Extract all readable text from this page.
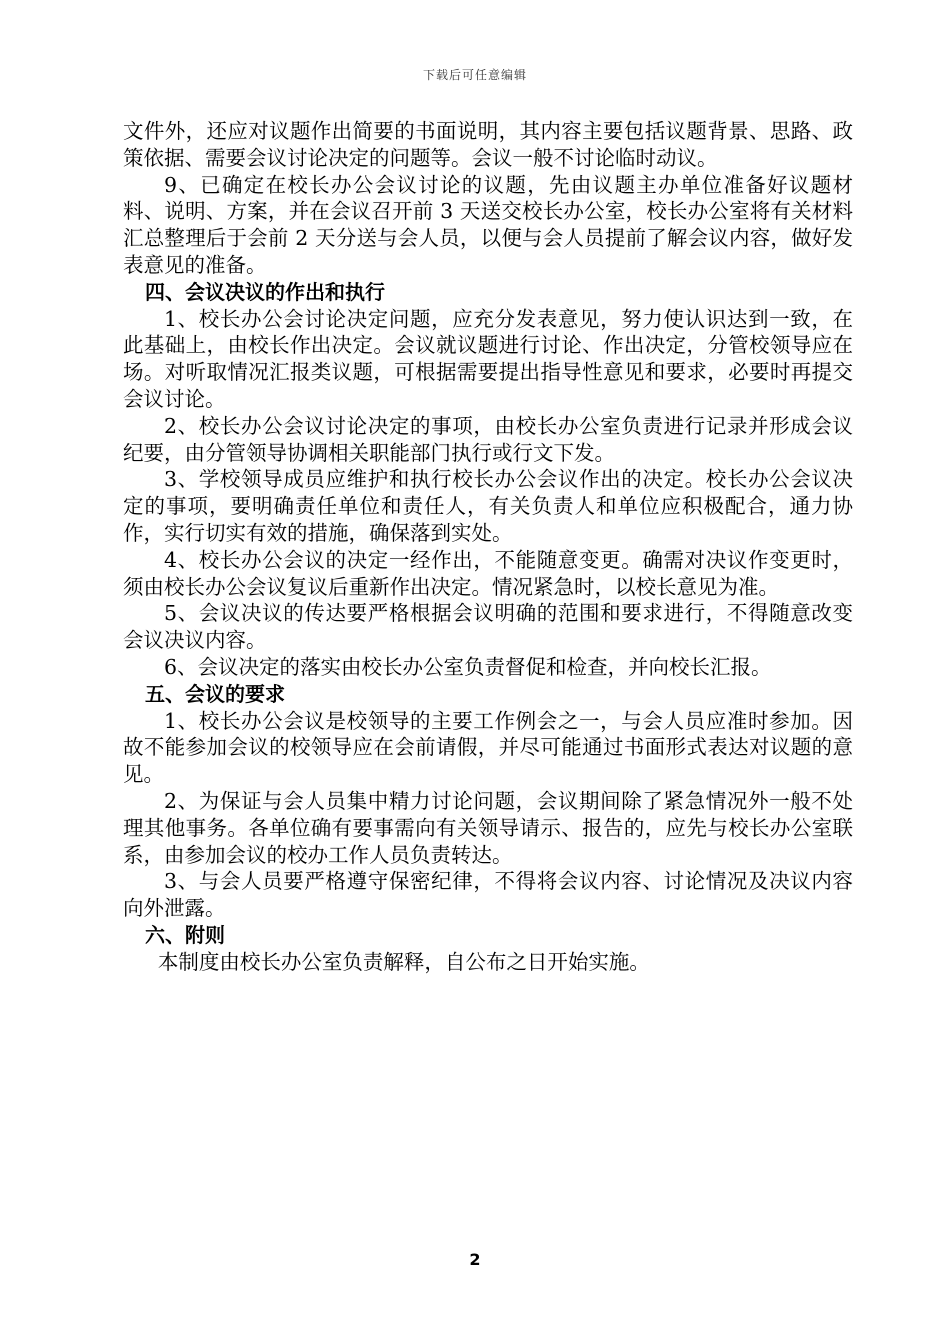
下载后可任意编辑

文件外，还应对议题作出简要的书面说明，其内容主要包括议题背景、思路、政策依据、需要会议讨论决定的问题等。会议一般不讨论临时动议。

9、已确定在校长办公会议讨论的议题，先由议题主办单位准备好议题材料、说明、方案，并在会议召开前 3 天送交校长办公室，校长办公室将有关材料汇总整理后于会前 2 天分送与会人员，以便与会人员提前了解会议内容，做好发表意见的准备。

四、会议决议的作出和执行

1、校长办公会讨论决定问题，应充分发表意见，努力使认识达到一致，在此基础上，由校长作出决定。会议就议题进行讨论、作出决定，分管校领导应在场。对听取情况汇报类议题，可根据需要提出指导性意见和要求，必要时再提交会议讨论。

2、校长办公会议讨论决定的事项，由校长办公室负责进行记录并形成会议纪要，由分管领导协调相关职能部门执行或行文下发。

3、学校领导成员应维护和执行校长办公会议作出的决定。校长办公会议决定的事项，要明确责任单位和责任人，有关负责人和单位应积极配合，通力协作，实行切实有效的措施，确保落到实处。

4、校长办公会议的决定一经作出，不能随意变更。确需对决议作变更时，须由校长办公会议复议后重新作出决定。情况紧急时，以校长意见为准。

5、会议决议的传达要严格根据会议明确的范围和要求进行，不得随意改变会议决议内容。

6、会议决定的落实由校长办公室负责督促和检查，并向校长汇报。

五、会议的要求

1、校长办公会议是校领导的主要工作例会之一，与会人员应准时参加。因故不能参加会议的校领导应在会前请假，并尽可能通过书面形式表达对议题的意见。

2、为保证与会人员集中精力讨论问题，会议期间除了紧急情况外一般不处理其他事务。各单位确有要事需向有关领导请示、报告的，应先与校长办公室联系，由参加会议的校办工作人员负责转达。

3、与会人员要严格遵守保密纪律，不得将会议内容、讨论情况及决议内容向外泄露。

六、附则

本制度由校长办公室负责解释，自公布之日开始实施。

2
